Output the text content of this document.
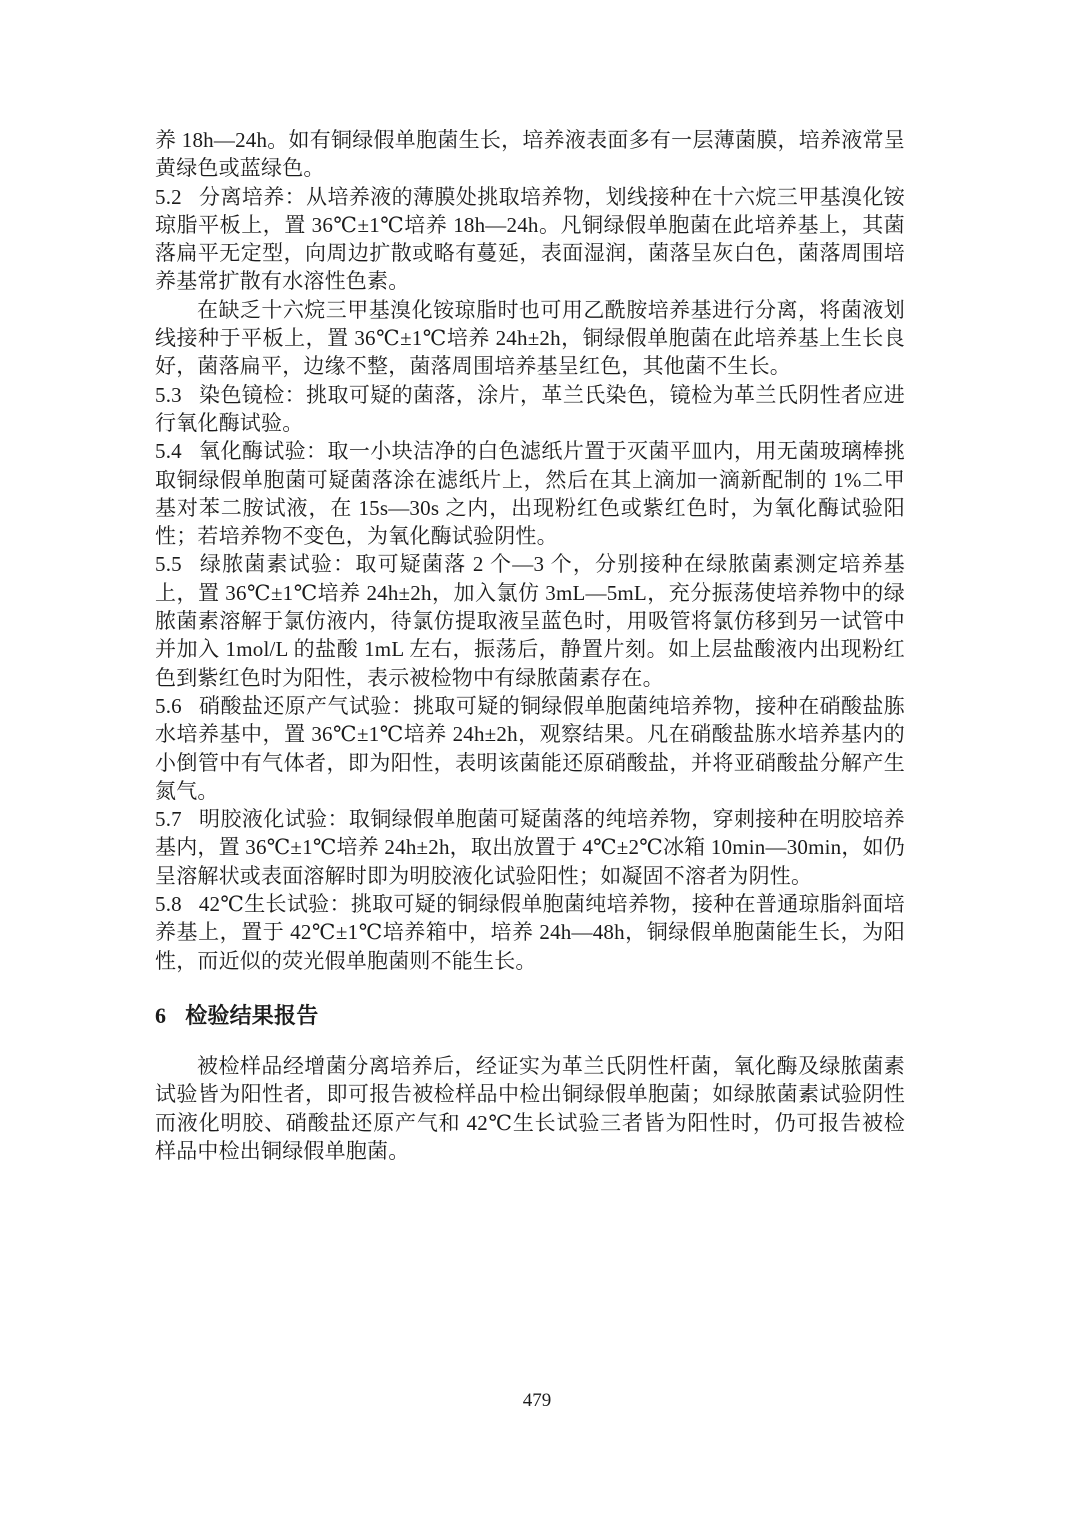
养 18h—24h。如有铜绿假单胞菌生长，培养液表面多有一层薄菌膜，培养液常呈黄绿色或蓝绿色。

5.2 分离培养：从培养液的薄膜处挑取培养物，划线接种在十六烷三甲基溴化铵琼脂平板上，置 36℃±1℃培养 18h—24h。凡铜绿假单胞菌在此培养基上，其菌落扁平无定型，向周边扩散或略有蔓延，表面湿润，菌落呈灰白色，菌落周围培养基常扩散有水溶性色素。

在缺乏十六烷三甲基溴化铵琼脂时也可用乙酰胺培养基进行分离，将菌液划线接种于平板上，置 36℃±1℃培养 24h±2h，铜绿假单胞菌在此培养基上生长良好，菌落扁平，边缘不整，菌落周围培养基呈红色，其他菌不生长。

5.3 染色镜检：挑取可疑的菌落，涂片，革兰氏染色，镜检为革兰氏阴性者应进行氧化酶试验。

5.4 氧化酶试验：取一小块洁净的白色滤纸片置于灭菌平皿内，用无菌玻璃棒挑取铜绿假单胞菌可疑菌落涂在滤纸片上，然后在其上滴加一滴新配制的 1%二甲基对苯二胺试液，在 15s—30s 之内，出现粉红色或紫红色时，为氧化酶试验阳性；若培养物不变色，为氧化酶试验阴性。

5.5 绿脓菌素试验：取可疑菌落 2 个—3 个，分别接种在绿脓菌素测定培养基上，置 36℃±1℃培养 24h±2h，加入氯仿 3mL—5mL，充分振荡使培养物中的绿脓菌素溶解于氯仿液内，待氯仿提取液呈蓝色时，用吸管将氯仿移到另一试管中并加入 1mol/L 的盐酸 1mL 左右，振荡后，静置片刻。如上层盐酸液内出现粉红色到紫红色时为阳性，表示被检物中有绿脓菌素存在。

5.6 硝酸盐还原产气试验：挑取可疑的铜绿假单胞菌纯培养物，接种在硝酸盐胨水培养基中，置 36℃±1℃培养 24h±2h，观察结果。凡在硝酸盐胨水培养基内的小倒管中有气体者，即为阳性，表明该菌能还原硝酸盐，并将亚硝酸盐分解产生氮气。

5.7 明胶液化试验：取铜绿假单胞菌可疑菌落的纯培养物，穿刺接种在明胶培养基内，置 36℃±1℃培养 24h±2h，取出放置于 4℃±2℃冰箱 10min—30min，如仍呈溶解状或表面溶解时即为明胶液化试验阳性；如凝固不溶者为阴性。

5.8 42℃生长试验：挑取可疑的铜绿假单胞菌纯培养物，接种在普通琼脂斜面培养基上，置于 42℃±1℃培养箱中，培养 24h—48h，铜绿假单胞菌能生长，为阳性，而近似的荧光假单胞菌则不能生长。

6 检验结果报告

被检样品经增菌分离培养后，经证实为革兰氏阴性杆菌，氧化酶及绿脓菌素试验皆为阳性者，即可报告被检样品中检出铜绿假单胞菌；如绿脓菌素试验阴性而液化明胶、硝酸盐还原产气和 42℃生长试验三者皆为阳性时，仍可报告被检样品中检出铜绿假单胞菌。

479
